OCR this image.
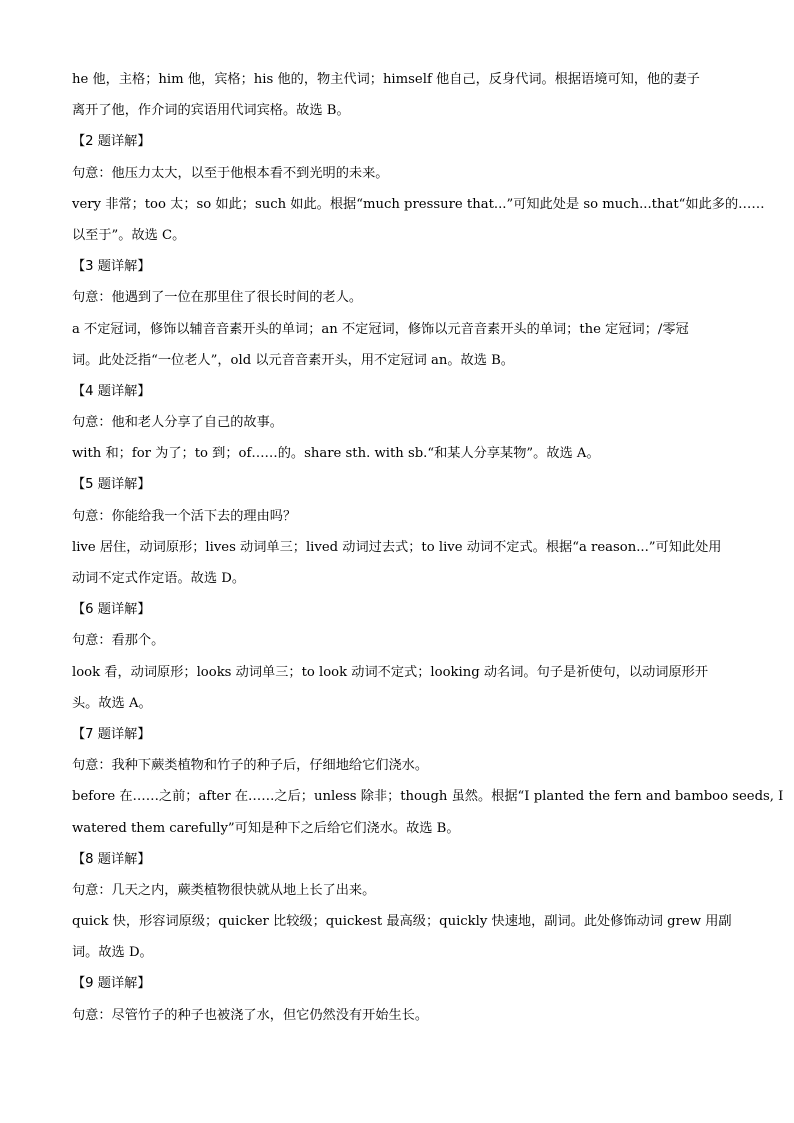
he 他，主格；him 他，宾格；his 他的，物主代词；himself 他自己，反身代词。根据语境可知，他的妻子
离开了他，作介词的宾语用代词宾格。故选 B。
【2 题详解】
句意：他压力太大，以至于他根本看不到光明的未来。
very 非常；too 太；so 如此；such 如此。根据“much pressure that...”可知此处是 so much...that“如此多的……
以至于”。故选 C。
【3 题详解】
句意：他遇到了一位在那里住了很长时间的老人。
a 不定冠词，修饰以辅音音素开头的单词；an 不定冠词，修饰以元音音素开头的单词；the 定冠词；/零冠
词。此处泛指“一位老人”，old 以元音音素开头，用不定冠词 an。故选 B。
【4 题详解】
句意：他和老人分享了自己的故事。
with 和；for 为了；to 到；of……的。share sth. with sb.“和某人分享某物”。故选 A。
【5 题详解】
句意：你能给我一个活下去的理由吗？
live 居住，动词原形；lives 动词单三；lived 动词过去式；to live 动词不定式。根据“a reason...”可知此处用
动词不定式作定语。故选 D。
【6 题详解】
句意：看那个。
look 看，动词原形；looks 动词单三；to look 动词不定式；looking 动名词。句子是祈使句，以动词原形开
头。故选 A。
【7 题详解】
句意：我种下蕨类植物和竹子的种子后，仔细地给它们浇水。
before 在……之前；after 在……之后；unless 除非；though 虽然。根据“I planted the fern and bamboo seeds, I
watered them carefully”可知是种下之后给它们浇水。故选 B。
【8 题详解】
句意：几天之内，蕨类植物很快就从地上长了出来。
quick 快，形容词原级；quicker 比较级；quickest 最高级；quickly 快速地，副词。此处修饰动词 grew 用副
词。故选 D。
【9 题详解】
句意：尽管竹子的种子也被浇了水，但它仍然没有开始生长。
